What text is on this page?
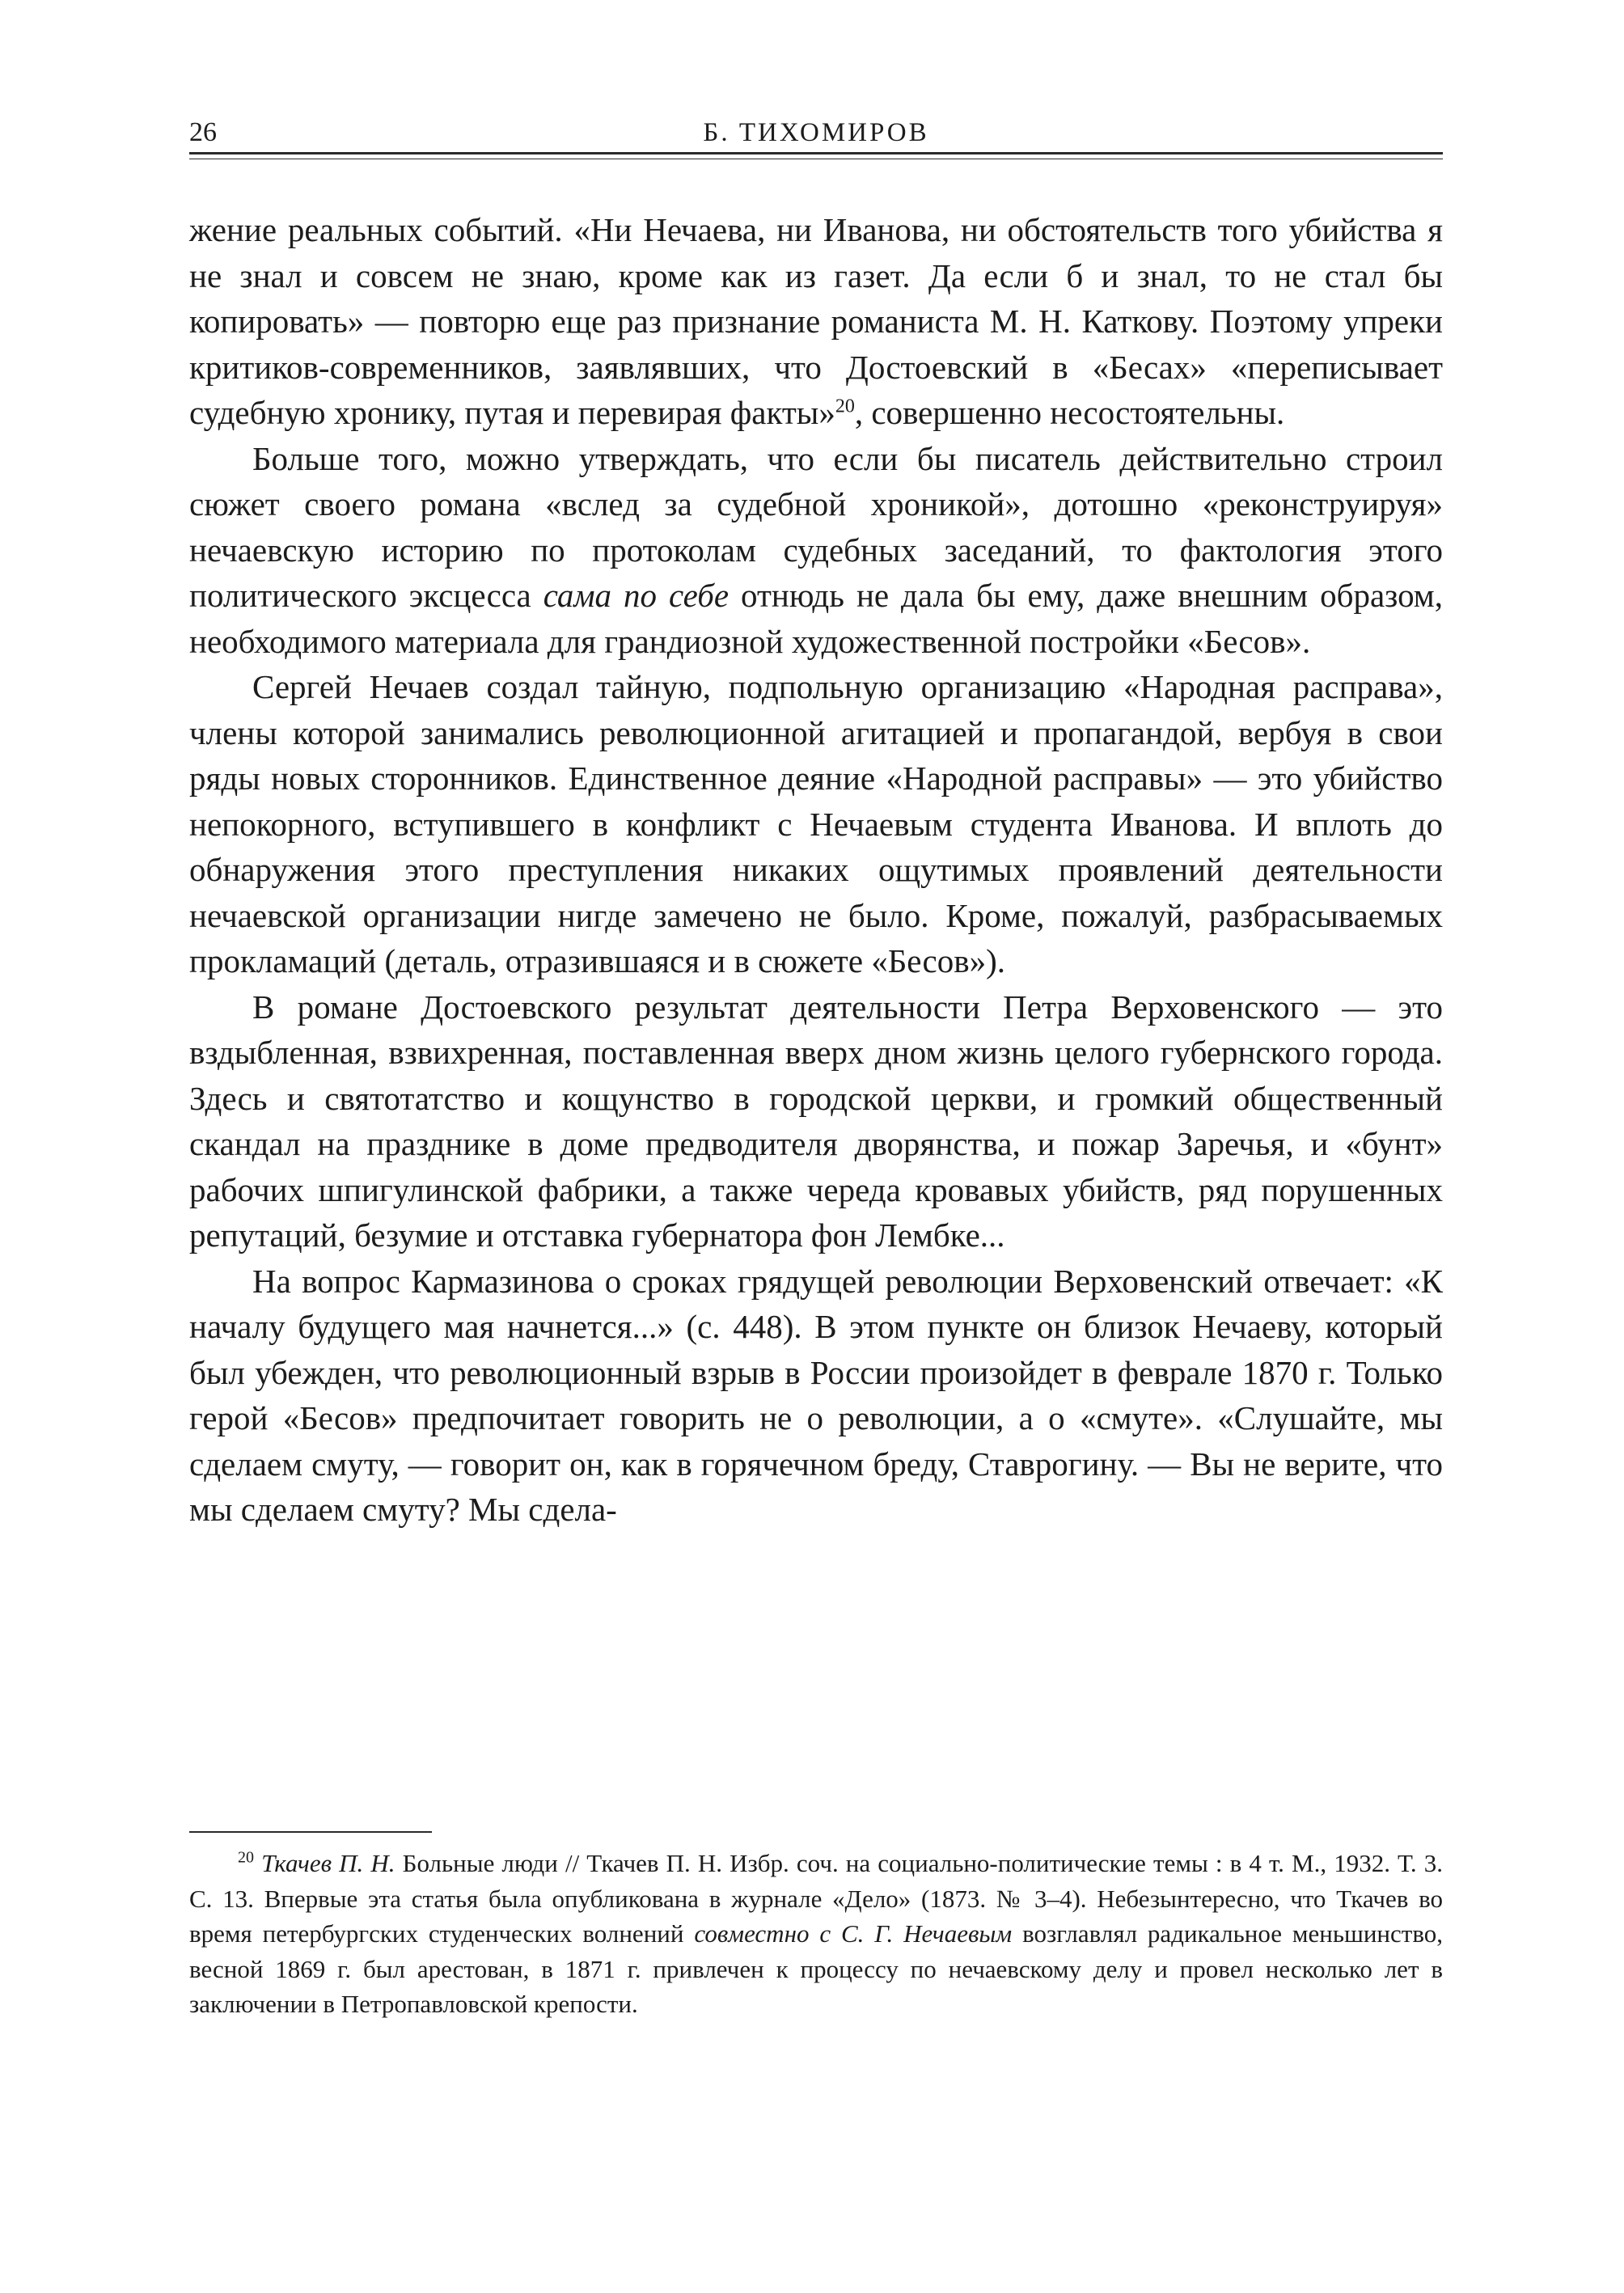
26	Б. ТИХОМИРОВ

жение реальных событий. «Ни Нечаева, ни Иванова, ни обстоятельств того убийства я не знал и совсем не знаю, кроме как из газет. Да если б и знал, то не стал бы копировать» — повторю еще раз признание романиста М. Н. Каткову. Поэтому упреки критиков-современников, заявлявших, что Достоевский в «Бесах» «переписывает судебную хронику, путая и перевирая факты»$^{20}$, совершенно несостоятельны.

Больше того, можно утверждать, что если бы писатель действительно строил сюжет своего романа «вслед за судебной хроникой», дотошно «реконструируя» нечаевскую историю по протоколам судебных заседаний, то фактология этого политического эксцесса сама по себе отнюдь не дала бы ему, даже внешним образом, необходимого материала для грандиозной художественной постройки «Бесов».

Сергей Нечаев создал тайную, подпольную организацию «Народная расправа», члены которой занимались революционной агитацией и пропагандой, вербуя в свои ряды новых сторонников. Единственное деяние «Народной расправы» — это убийство непокорного, вступившего в конфликт с Нечаевым студента Иванова. И вплоть до обнаружения этого преступления никаких ощутимых проявлений деятельности нечаевской организации нигде замечено не было. Кроме, пожалуй, разбрасываемых прокламаций (деталь, отразившаяся и в сюжете «Бесов»).

В романе Достоевского результат деятельности Петра Верховенского — это вздыбленная, взвихренная, поставленная вверх дном жизнь целого губернского города. Здесь и святотатство и кощунство в городской церкви, и громкий общественный скандал на празднике в доме предводителя дворянства, и пожар Заречья, и «бунт» рабочих шпигулинской фабрики, а также череда кровавых убийств, ряд порушенных репутаций, безумие и отставка губернатора фон Лембке...

На вопрос Кармазинова о сроках грядущей революции Верховенский отвечает: «К началу будущего мая начнется...» (с. 448). В этом пункте он близок Нечаеву, который был убежден, что революционный взрыв в России произойдет в феврале 1870 г. Только герой «Бесов» предпочитает говорить не о революции, а о «смуте». «Слушайте, мы сделаем смуту, — говорит он, как в горячечном бреду, Ставрогину. — Вы не верите, что мы сделаем смуту? Мы сдела-

$^{20}$ Ткачев П. Н. Больные люди // Ткачев П. Н. Избр. соч. на социально-политические темы : в 4 т. М., 1932. Т. 3. С. 13. Впервые эта статья была опубликована в журнале «Дело» (1873. № 3–4). Небезынтересно, что Ткачев во время петербургских студенческих волнений совместно с С. Г. Нечаевым возглавлял радикальное меньшинство, весной 1869 г. был арестован, в 1871 г. привлечен к процессу по нечаевскому делу и провел несколько лет в заключении в Петропавловской крепости.
